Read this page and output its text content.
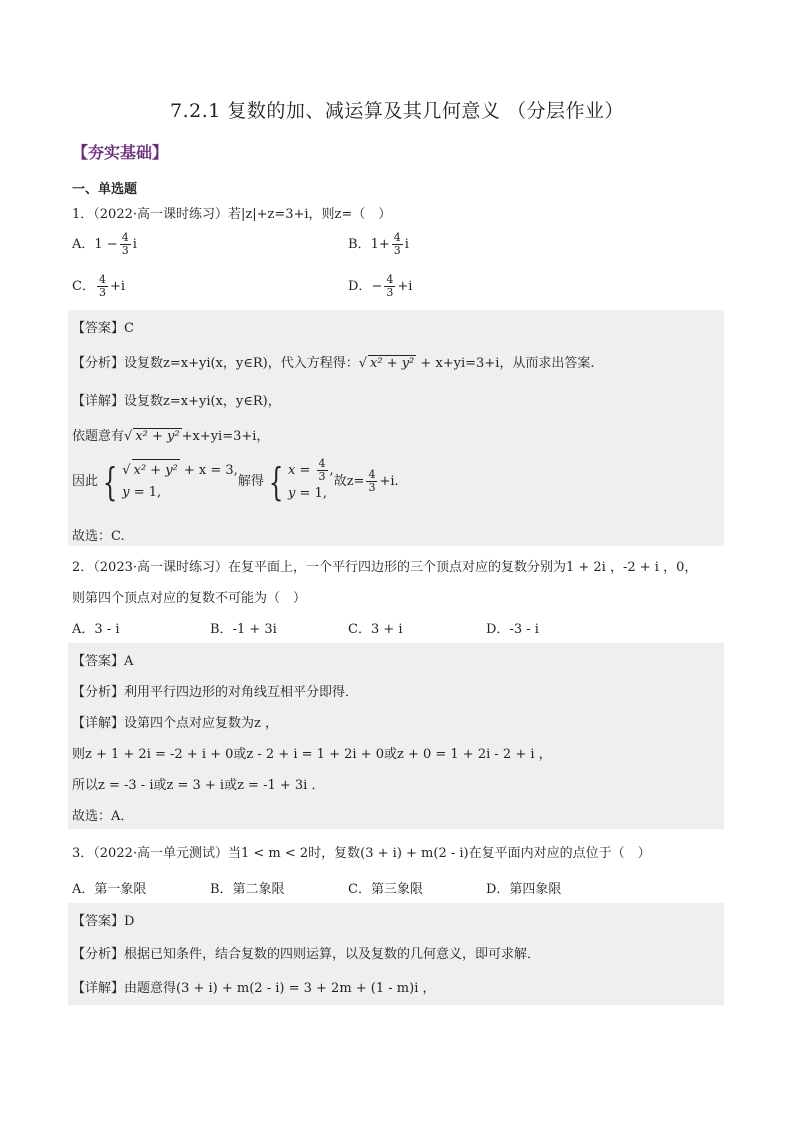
7.2.1 复数的加、减运算及其几何意义 （分层作业）
【夯实基础】
一、单选题
1．（2022·高一课时练习）若|z|+z=3+i，则z=（　）
A．$1 - \frac{4}{3}$ i	B．$1+ \frac{4}{3}$ i
C． $\frac{4}{3} +i$	D．− $\frac{4}{3} +i$
【答案】C
【分析】设复数z=x+yi(x，y∈R)，代入方程得：√ x² + y² + x+yi=3+i，从而求出答案.
【详解】设复数z=x+yi(x，y∈R)，
依题意有√ x² + y² +x+yi=3+i，
因此 { √ x² + y² + x = 3,
y = 1,解得 { $x = \frac{4}{3}$ ,
y = 1,故$z= \frac{4}{3} +i$.
故选：C.
2．（2023·高一课时练习）在复平面上，一个平行四边形的三个顶点对应的复数分别为1 + 2i ，-2 + i ，0，
则第四个顶点对应的复数不可能为（　）
A．3 - i	B．-1 + 3i	C．3 + i	D．-3 - i
【答案】A
【分析】利用平行四边形的对角线互相平分即得．
【详解】设第四个点对应复数为z ，
则z + 1 + 2i = -2 + i + 0或z - 2 + i = 1 + 2i + 0或z + 0 = 1 + 2i - 2 + i ，
所以z = -3 - i或z = 3 + i或z = -1 + 3i ．
故选：A．
3．（2022·高一单元测试）当1 < m < 2时，复数(3 + i) + m(2 - i)在复平面内对应的点位于（　）
A．第一象限	B．第二象限	C．第三象限	D．第四象限
【答案】D
【分析】根据已知条件，结合复数的四则运算，以及复数的几何意义，即可求解．
【详解】由题意得(3 + i) + m(2 - i) = 3 + 2m + (1 - m)i ，
